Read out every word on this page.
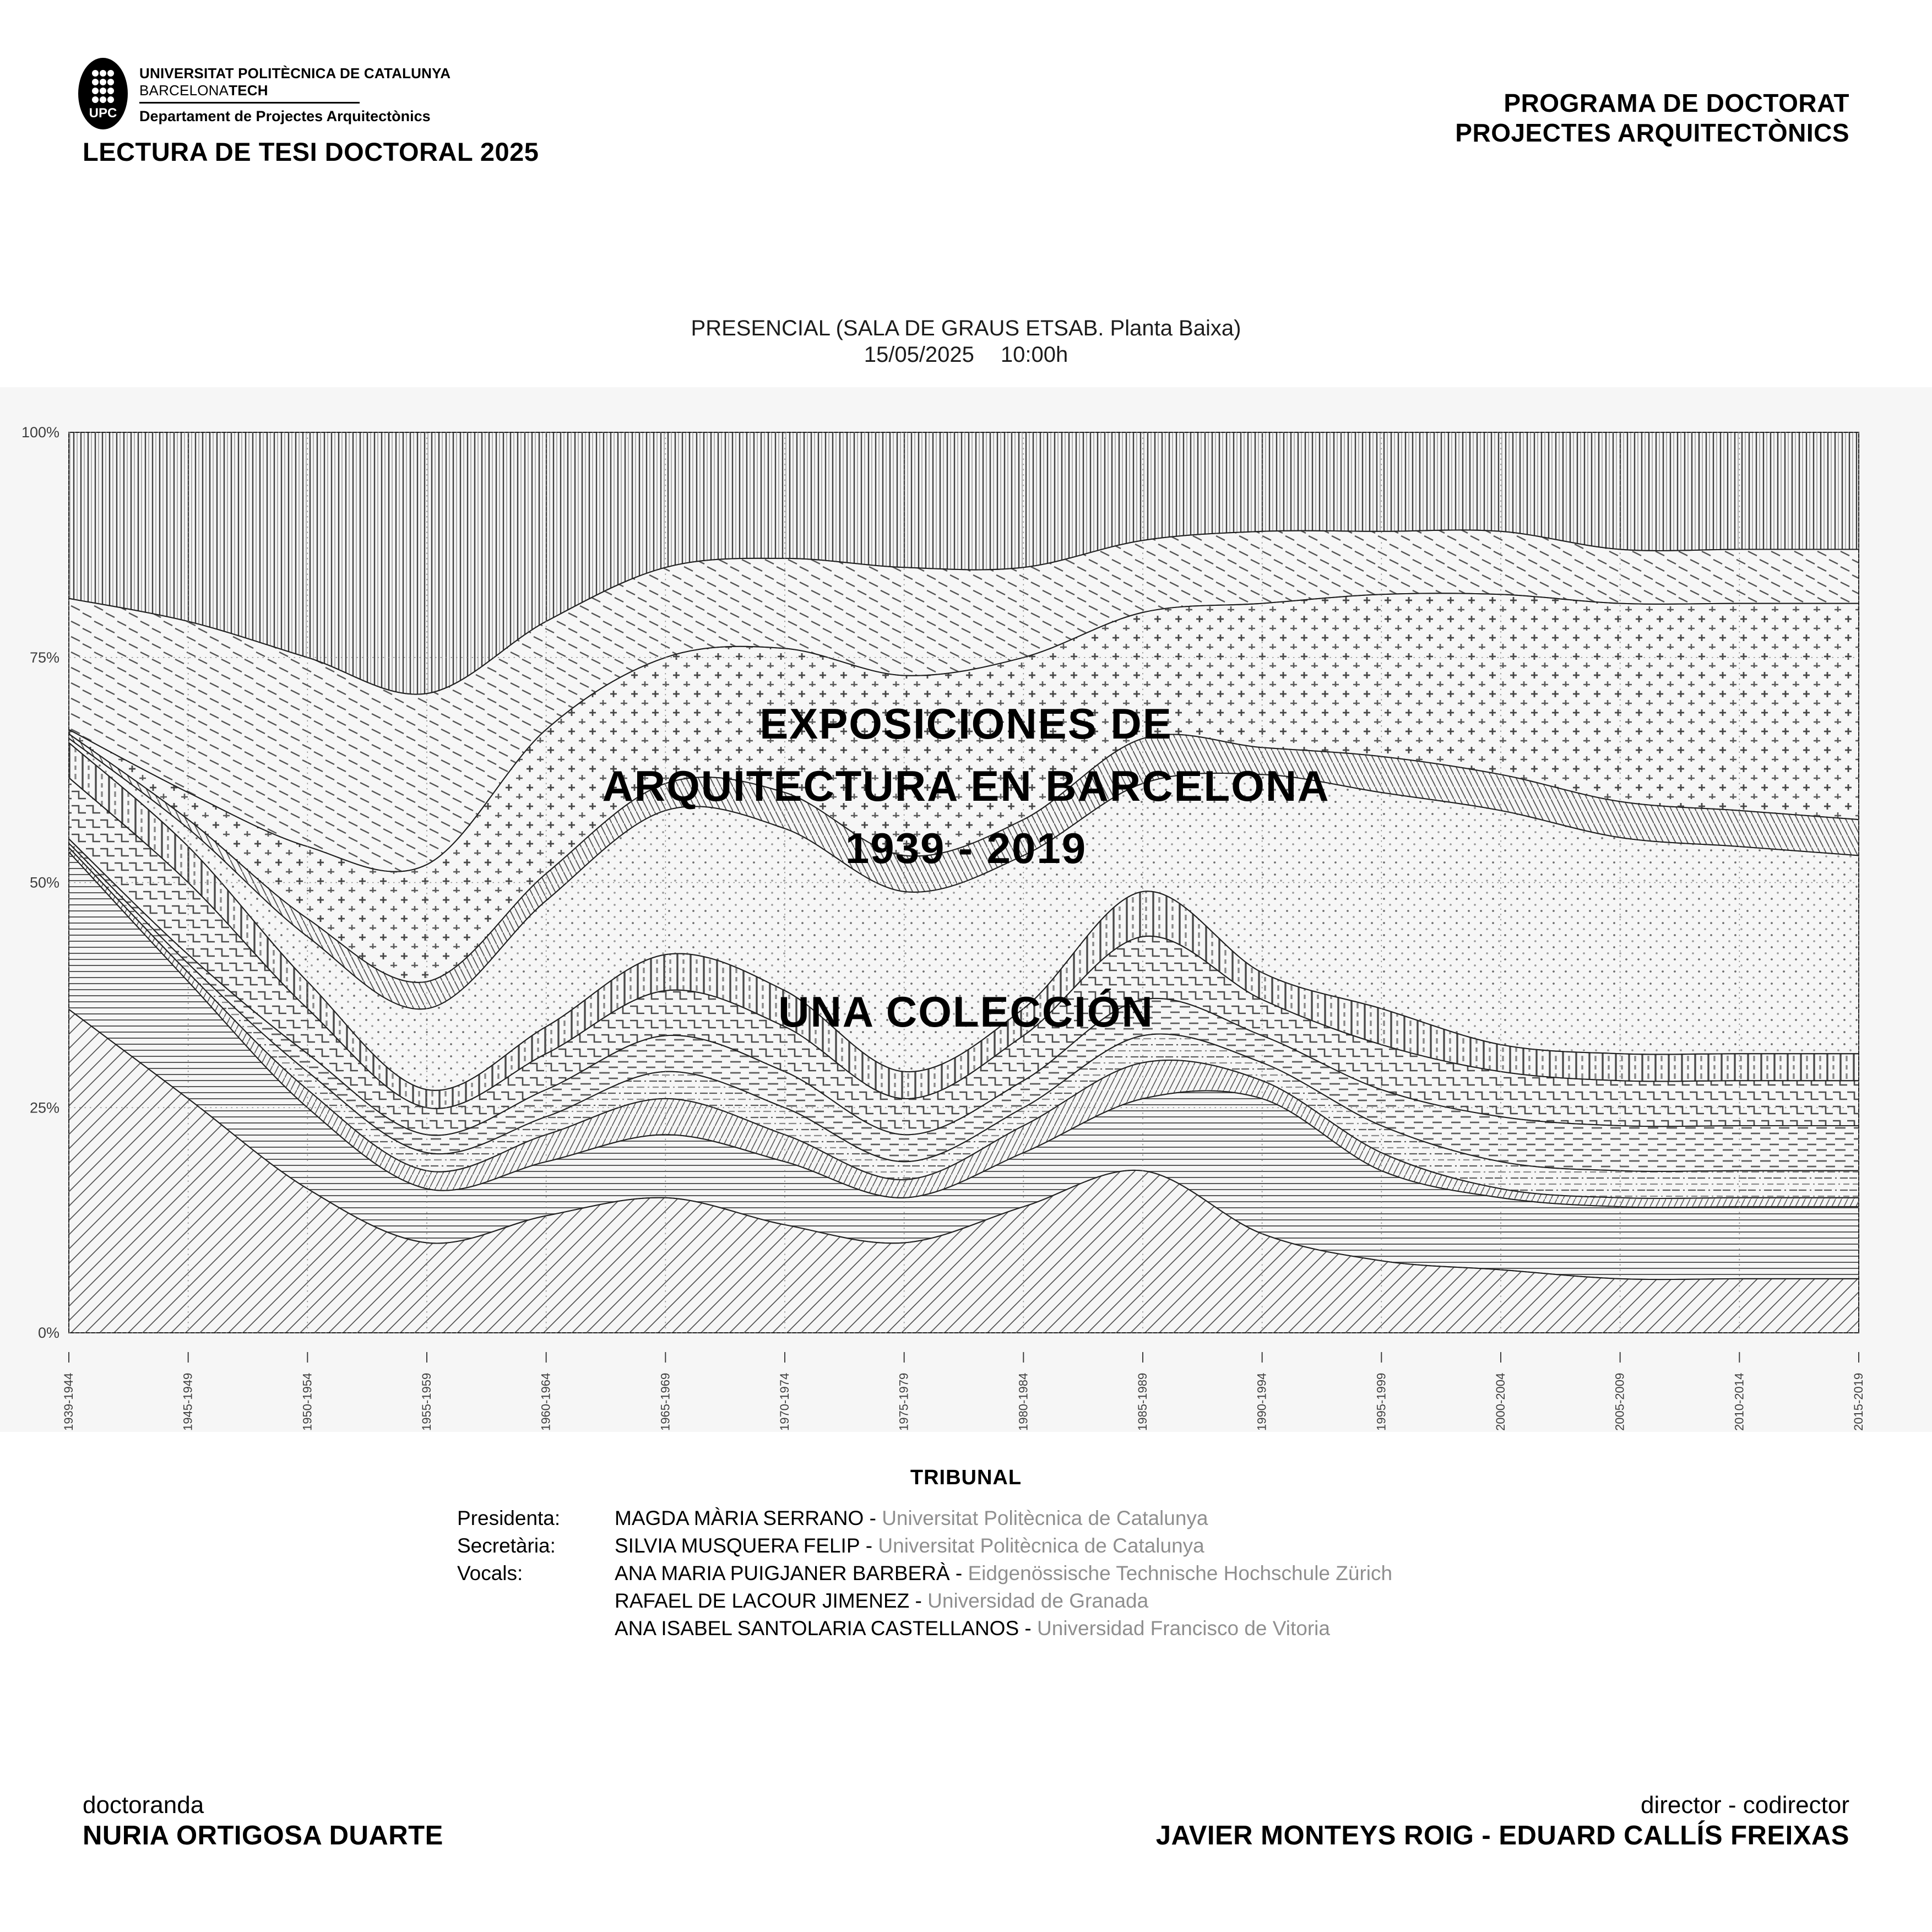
UPC
UNIVERSITAT POLITÈCNICA DE CATALUNYA
BARCELONATECH
Departament de Projectes Arquitectònics
LECTURA DE TESI DOCTORAL 2025
PROGRAMA DE DOCTORAT
PROJECTES ARQUITECTÒNICS
PRESENCIAL (SALA DE GRAUS ETSAB. Planta Baixa)
15/05/2025 10:00h
0%
25%
50%
75%
100%
1939-1944	1945-1949	1950-1954	1955-1959	1960-1964	1965-1969	1970-1974	1975-1979	1980-1984	1985-1989	1990-1994	1995-1999	2000-2004	2005-2009	2010-2014	2015-2019
EXPOSICIONES DE
ARQUITECTURA EN BARCELONA
1939 - 2019
UNA COLECCIÓN
TRIBUNAL
Presidenta:	MAGDA MÀRIA SERRANO - Universitat Politècnica de Catalunya
Secretària:	SILVIA MUSQUERA FELIP - Universitat Politècnica de Catalunya
Vocals:	ANA MARIA PUIGJANER BARBERÀ - Eidgenössische Technische Hochschule Zürich
RAFAEL DE LACOUR JIMENEZ - Universidad de Granada
ANA ISABEL SANTOLARIA CASTELLANOS - Universidad Francisco de Vitoria
doctoranda
NURIA ORTIGOSA DUARTE
director - codirector
JAVIER MONTEYS ROIG - EDUARD CALLÍS FREIXAS
